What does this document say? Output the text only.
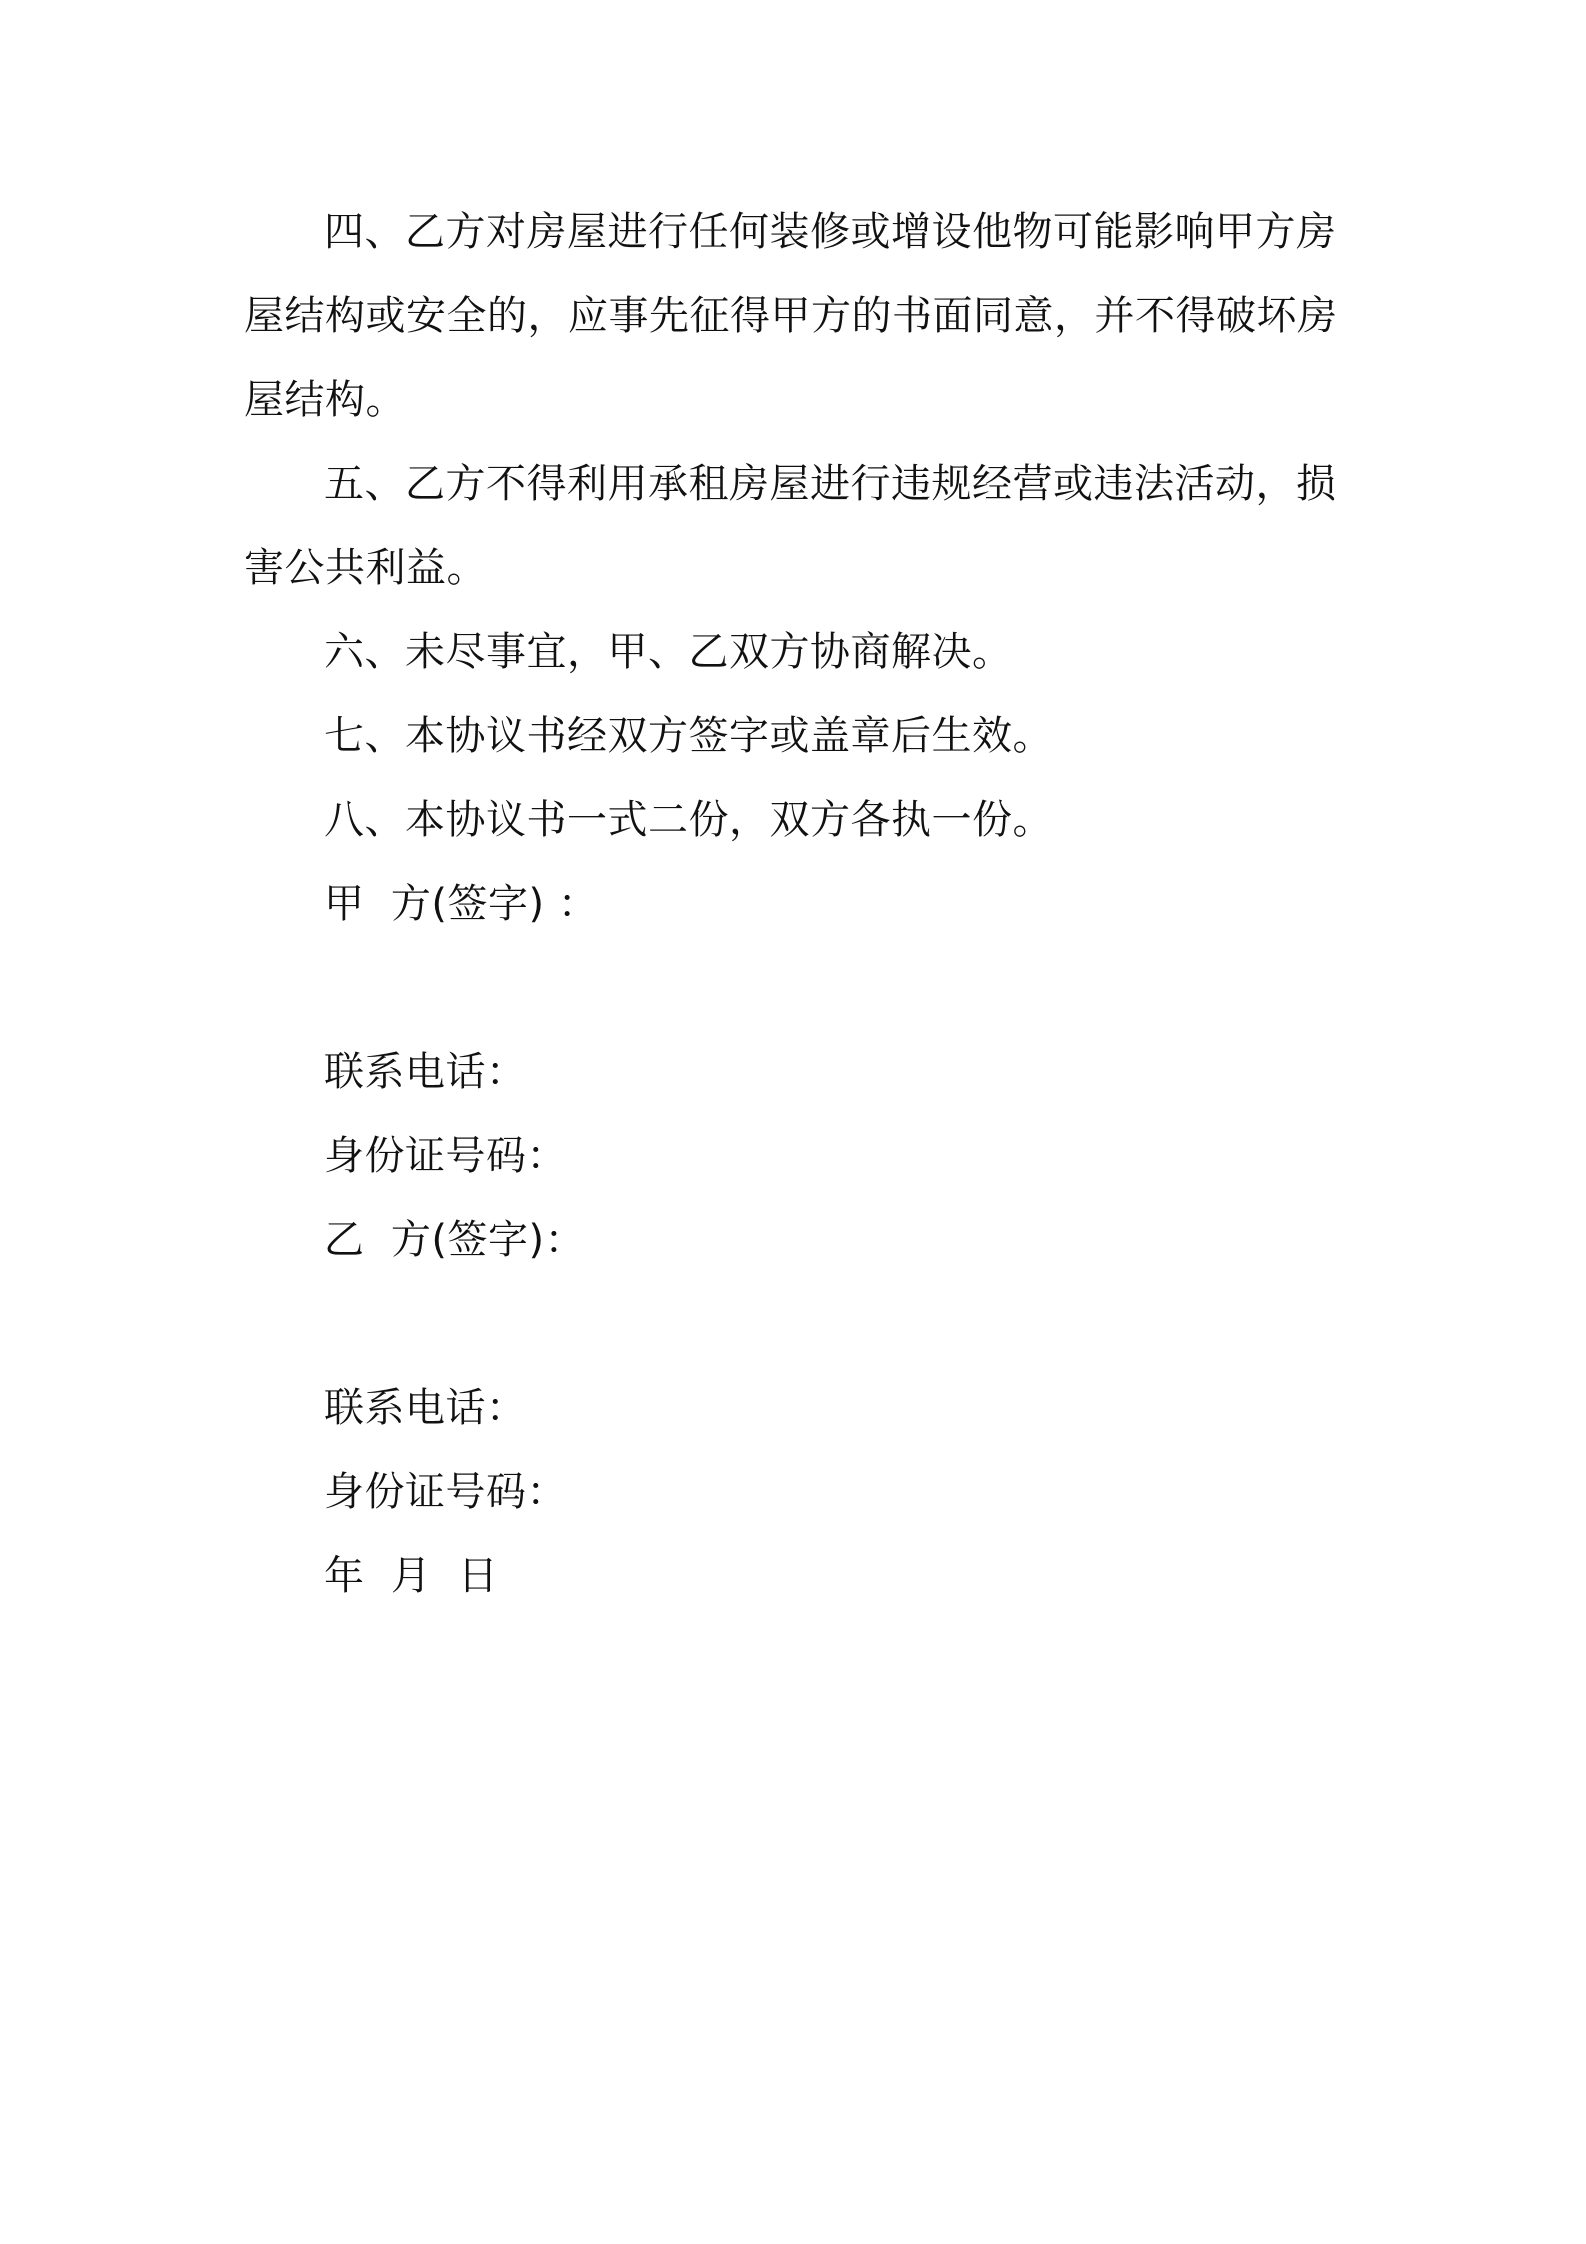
四、乙方对房屋进行任何装修或增设他物可能影响甲方房屋结构或安全的，应事先征得甲方的书面同意，并不得破坏房屋结构。

五、乙方不得利用承租房屋进行违规经营或违法活动，损害公共利益。

六、未尽事宜，甲、乙双方协商解决。

七、本协议书经双方签字或盖章后生效。

八、本协议书一式二份，双方各执一份。

甲  方(签字) ：

联系电话：

身份证号码：

乙  方(签字)：

联系电话：

身份证号码：

年  月  日
